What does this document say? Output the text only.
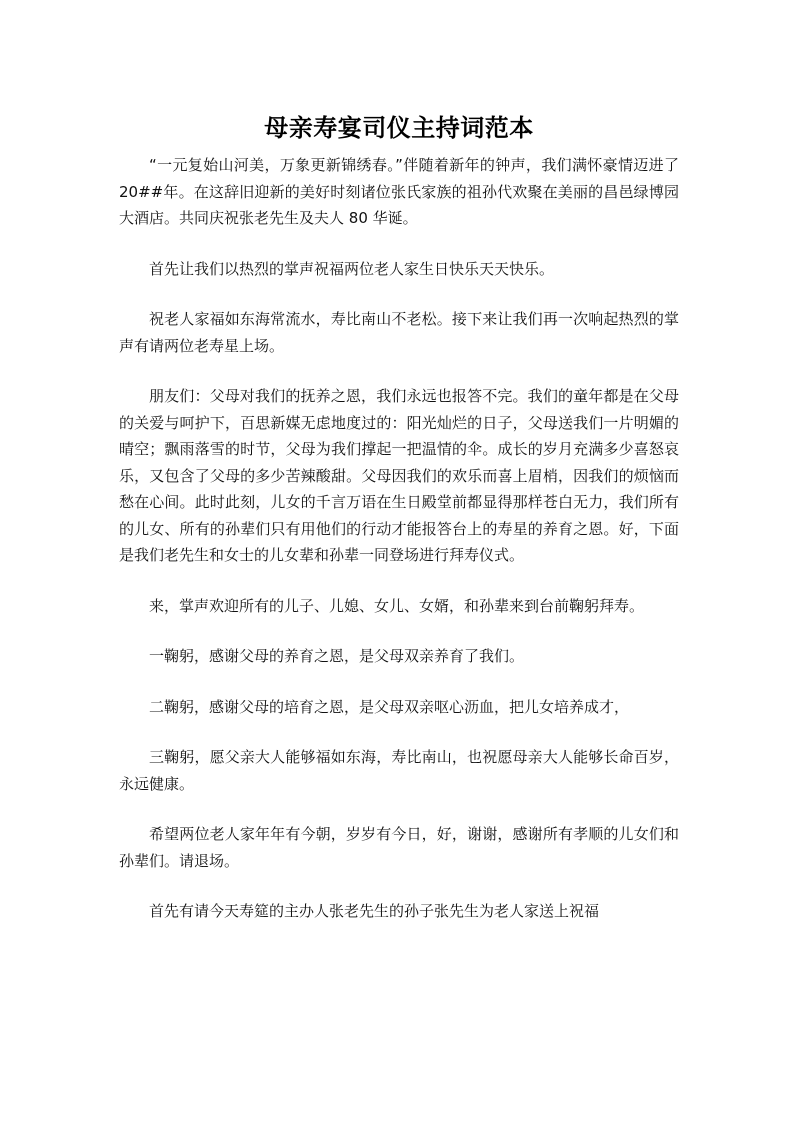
母亲寿宴司仪主持词范本

“一元复始山河美，万象更新锦绣春。”伴随着新年的钟声，我们满怀豪情迈进了 20##年。在这辞旧迎新的美好时刻诸位张氏家族的祖孙代欢聚在美丽的昌邑绿博园大酒店。共同庆祝张老先生及夫人 80 华诞。

首先让我们以热烈的掌声祝福两位老人家生日快乐天天快乐。

祝老人家福如东海常流水，寿比南山不老松。接下来让我们再一次响起热烈的掌声有请两位老寿星上场。

朋友们：父母对我们的抚养之恩，我们永远也报答不完。我们的童年都是在父母的关爱与呵护下，百思新媒无虑地度过的：阳光灿烂的日子，父母送我们一片明媚的晴空；飘雨落雪的时节，父母为我们撑起一把温情的伞。成长的岁月充满多少喜怒哀乐，又包含了父母的多少苦辣酸甜。父母因我们的欢乐而喜上眉梢，因我们的烦恼而愁在心间。此时此刻，儿女的千言万语在生日殿堂前都显得那样苍白无力，我们所有的儿女、所有的孙辈们只有用他们的行动才能报答台上的寿星的养育之恩。好，下面是我们老先生和女士的儿女辈和孙辈一同登场进行拜寿仪式。

来，掌声欢迎所有的儿子、儿媳、女儿、女婿，和孙辈来到台前鞠躬拜寿。

一鞠躬，感谢父母的养育之恩，是父母双亲养育了我们。

二鞠躬，感谢父母的培育之恩，是父母双亲呕心沥血，把儿女培养成才，

三鞠躬，愿父亲大人能够福如东海，寿比南山，也祝愿母亲大人能够长命百岁，永远健康。

希望两位老人家年年有今朝，岁岁有今日，好，谢谢，感谢所有孝顺的儿女们和孙辈们。请退场。

首先有请今天寿筵的主办人张老先生的孙子张先生为老人家送上祝福
